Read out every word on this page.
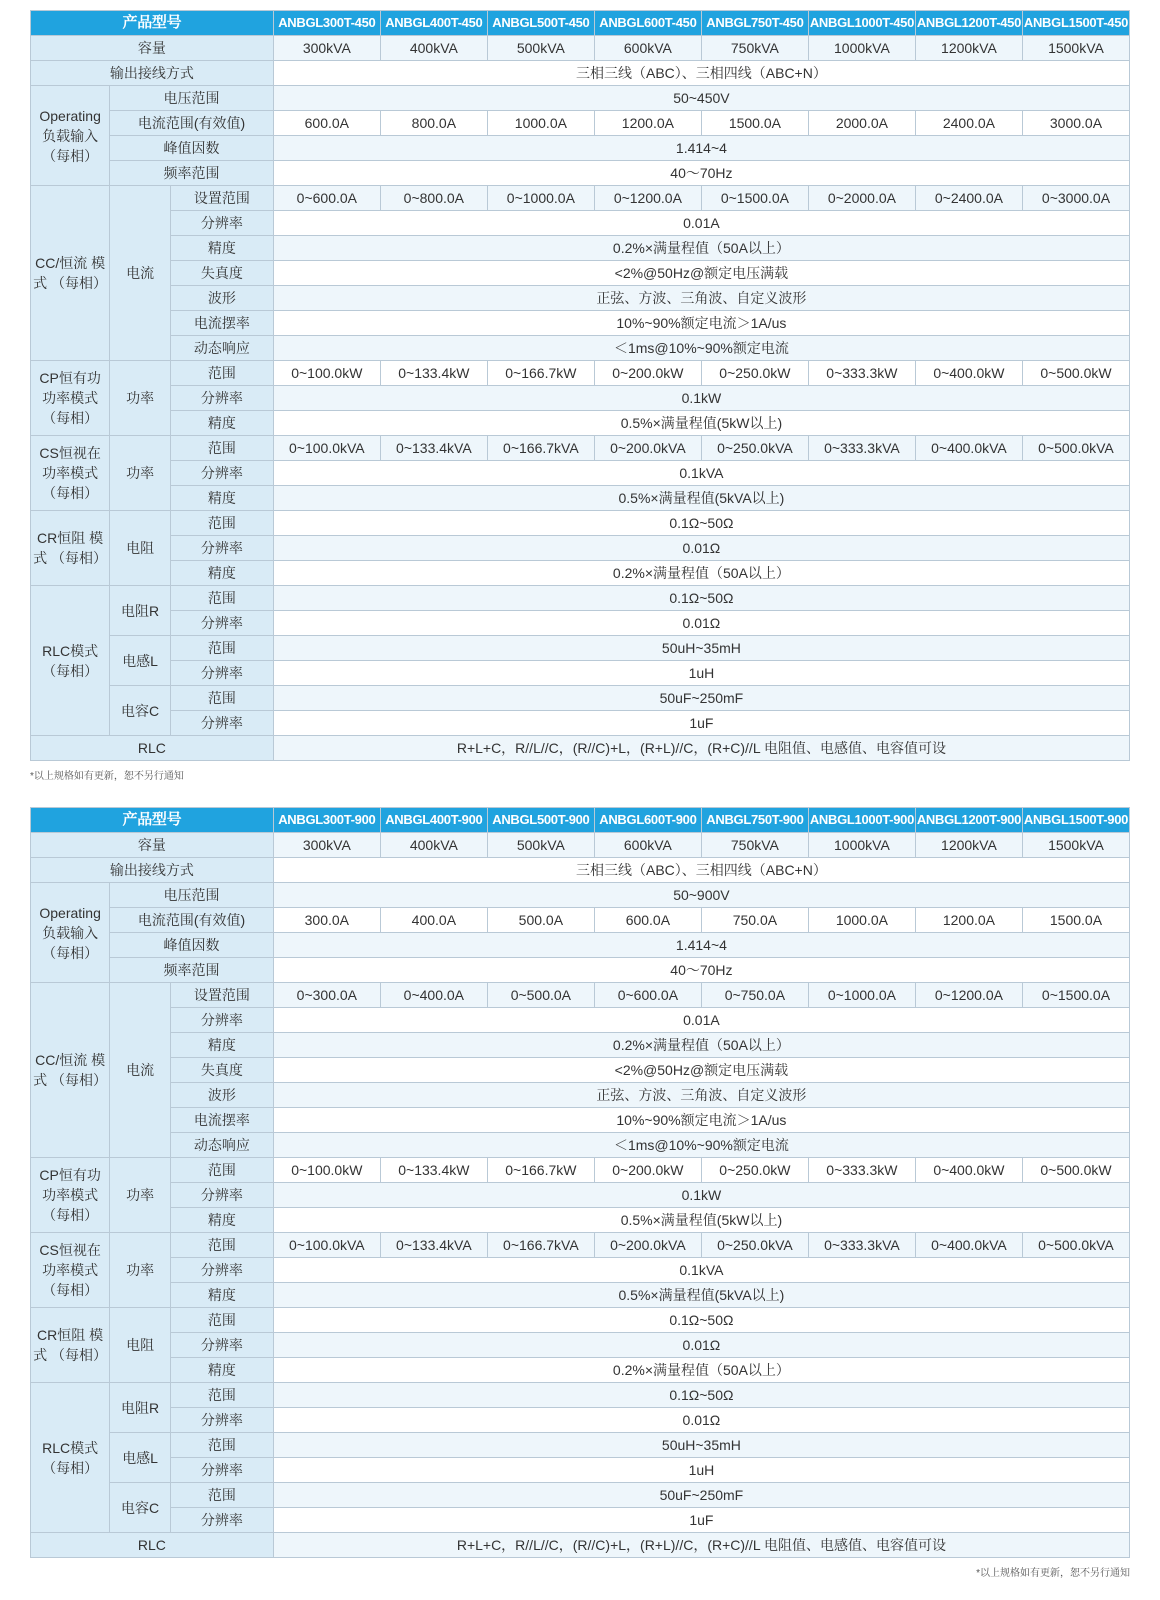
产品型号			ANBGL300T-450	ANBGL400T-450	ANBGL500T-450	ANBGL600T-450	ANBGL750T-450	ANBGL1000T-450	ANBGL1200T-450	ANBGL1500T-450
容量			300kVA	400kVA	500kVA	600kVA	750kVA	1000kVA	1200kVA	1500kVA
输出接线方式			三相三线（ABC）、三相四线（ABC+N）							
Operating 负载输入 （每相）	电压范围		50~450V							
	电流范围(有效值)		600.0A	800.0A	1000.0A	1200.0A	1500.0A	2000.0A	2400.0A	3000.0A
	峰值因数		1.414~4							
	频率范围		40～70Hz							
CC/恒流 模式 （每相）	电流	设置范围	0~600.0A	0~800.0A	0~1000.0A	0~1200.0A	0~1500.0A	0~2000.0A	0~2400.0A	0~3000.0A
		分辨率	0.01A							
		精度	0.2%×满量程值（50A以上）							
		失真度	<2%@50Hz@额定电压满载							
		波形	正弦、方波、三角波、自定义波形							
		电流摆率	10%~90%额定电流＞1A/us							
		动态响应	＜1ms@10%~90%额定电流							
CP恒有功 功率模式 （每相）	功率	范围	0~100.0kW	0~133.4kW	0~166.7kW	0~200.0kW	0~250.0kW	0~333.3kW	0~400.0kW	0~500.0kW
		分辨率	0.1kW							
		精度	0.5%×满量程值(5kW以上)							
CS恒视在 功率模式 （每相）	功率	范围	0~100.0kVA	0~133.4kVA	0~166.7kVA	0~200.0kVA	0~250.0kVA	0~333.3kVA	0~400.0kVA	0~500.0kVA
		分辨率	0.1kVA							
		精度	0.5%×满量程值(5kVA以上)							
CR恒阻 模式 （每相）	电阻	范围	0.1Ω~50Ω							
		分辨率	0.01Ω							
		精度	0.2%×满量程值（50A以上）							
RLC模式 （每相）	电阻R	范围	0.1Ω~50Ω							
		分辨率	0.01Ω							
	电感L	范围	50uH~35mH							
		分辨率	1uH							
	电容C	范围	50uF~250mF							
		分辨率	1uF							
RLC			R+L+C，R//L//C，(R//C)+L，(R+L)//C，(R+C)//L 电阻值、电感值、电容值可设							
*以上规格如有更新，恕不另行通知
产品型号			ANBGL300T-900	ANBGL400T-900	ANBGL500T-900	ANBGL600T-900	ANBGL750T-900	ANBGL1000T-900	ANBGL1200T-900	ANBGL1500T-900
容量			300kVA	400kVA	500kVA	600kVA	750kVA	1000kVA	1200kVA	1500kVA
输出接线方式			三相三线（ABC）、三相四线（ABC+N）							
Operating 负载输入 （每相）	电压范围		50~900V							
	电流范围(有效值)		300.0A	400.0A	500.0A	600.0A	750.0A	1000.0A	1200.0A	1500.0A
	峰值因数		1.414~4							
	频率范围		40～70Hz							
CC/恒流 模式 （每相）	电流	设置范围	0~300.0A	0~400.0A	0~500.0A	0~600.0A	0~750.0A	0~1000.0A	0~1200.0A	0~1500.0A
		分辨率	0.01A							
		精度	0.2%×满量程值（50A以上）							
		失真度	<2%@50Hz@额定电压满载							
		波形	正弦、方波、三角波、自定义波形							
		电流摆率	10%~90%额定电流＞1A/us							
		动态响应	＜1ms@10%~90%额定电流							
CP恒有功 功率模式 （每相）	功率	范围	0~100.0kW	0~133.4kW	0~166.7kW	0~200.0kW	0~250.0kW	0~333.3kW	0~400.0kW	0~500.0kW
		分辨率	0.1kW							
		精度	0.5%×满量程值(5kW以上)							
CS恒视在 功率模式 （每相）	功率	范围	0~100.0kVA	0~133.4kVA	0~166.7kVA	0~200.0kVA	0~250.0kVA	0~333.3kVA	0~400.0kVA	0~500.0kVA
		分辨率	0.1kVA							
		精度	0.5%×满量程值(5kVA以上)							
CR恒阻 模式 （每相）	电阻	范围	0.1Ω~50Ω							
		分辨率	0.01Ω							
		精度	0.2%×满量程值（50A以上）							
RLC模式 （每相）	电阻R	范围	0.1Ω~50Ω							
		分辨率	0.01Ω							
	电感L	范围	50uH~35mH							
		分辨率	1uH							
	电容C	范围	50uF~250mF							
		分辨率	1uF							
RLC			R+L+C，R//L//C，(R//C)+L，(R+L)//C，(R+C)//L 电阻值、电感值、电容值可设							
*以上规格如有更新，恕不另行通知
